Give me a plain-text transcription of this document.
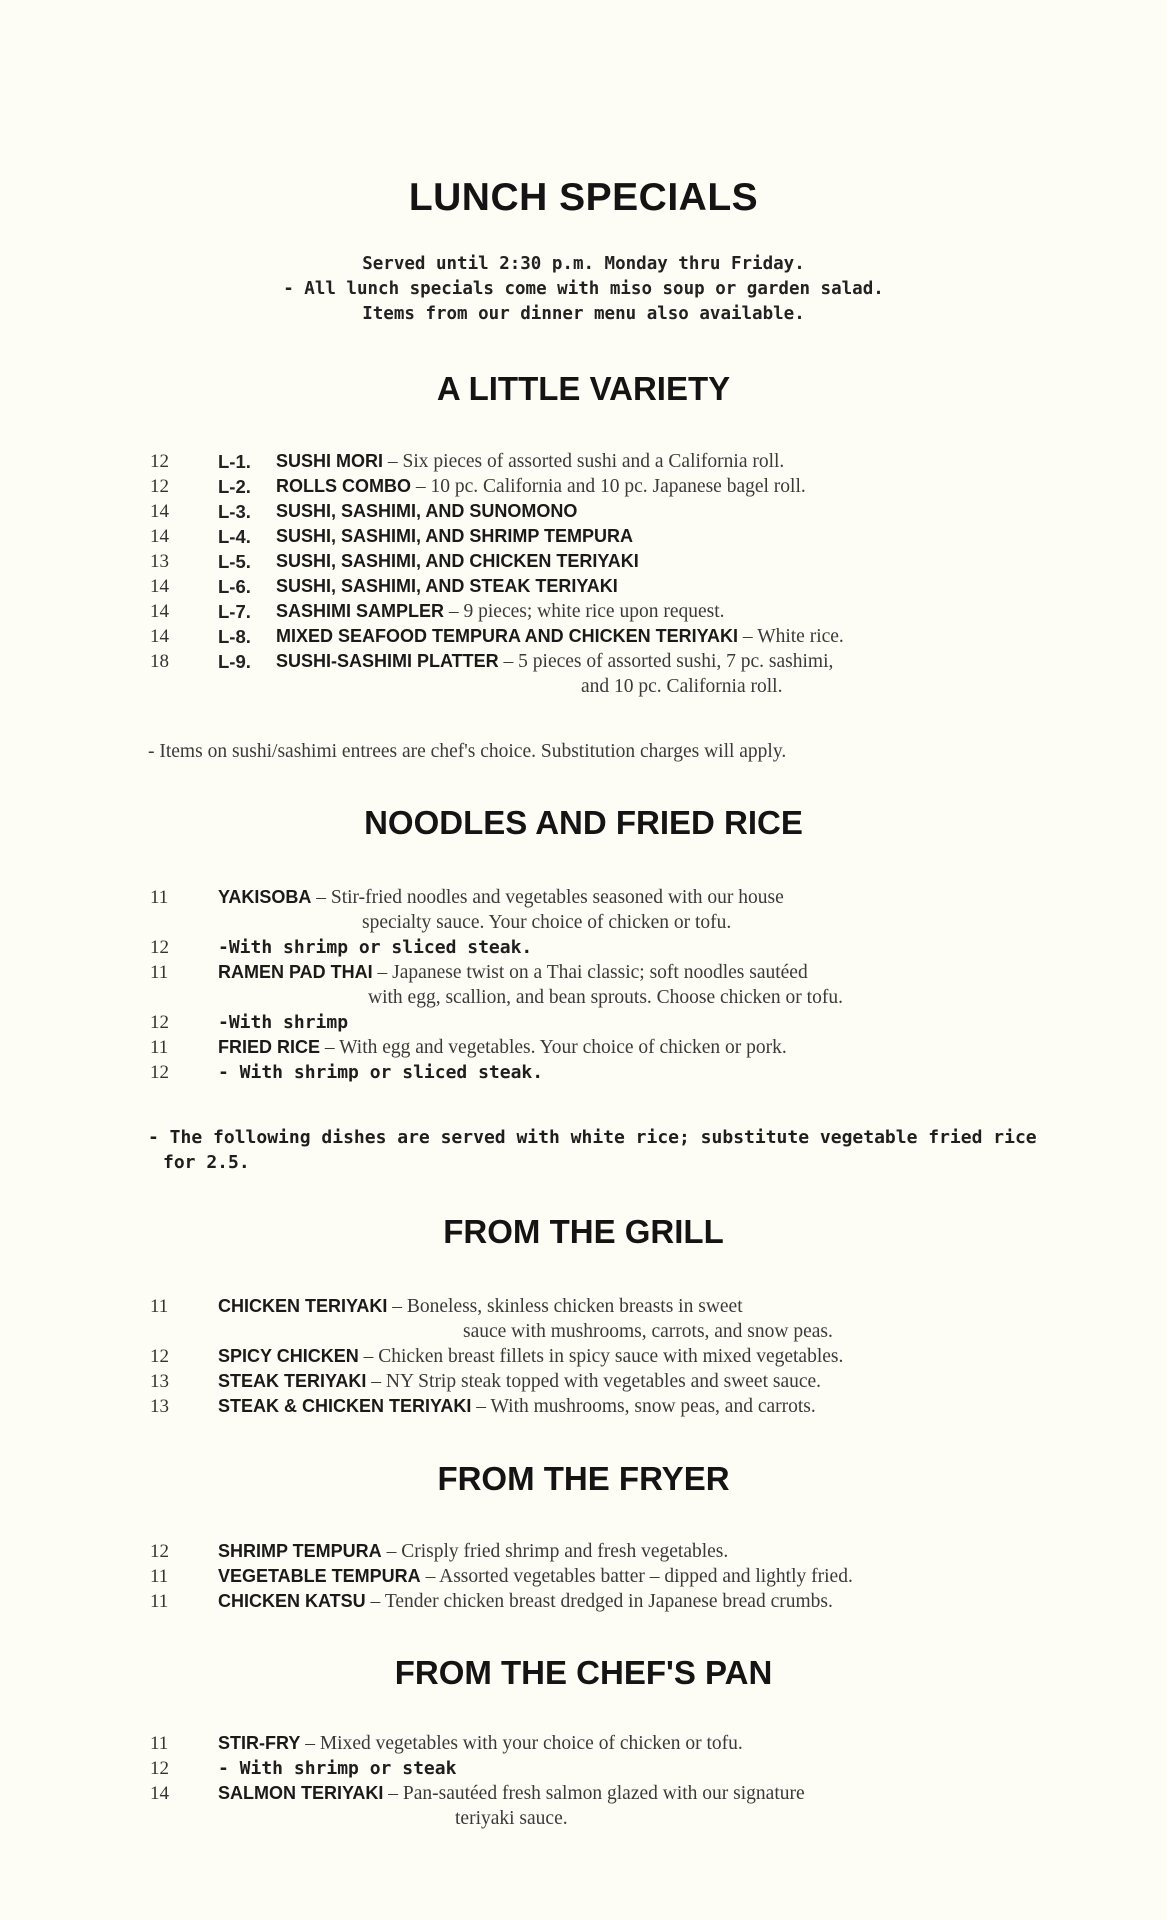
LUNCH SPECIALS
Served until 2:30 p.m. Monday thru Friday.
- All lunch specials come with miso soup or garden salad.
Items from our dinner menu also available.
A LITTLE VARIETY
12	L-1. SUSHI MORI – Six pieces of assorted sushi and a California roll.
12	L-2. ROLLS COMBO – 10 pc. California and 10 pc. Japanese bagel roll.
14	L-3. SUSHI, SASHIMI, AND SUNOMONO
14	L-4. SUSHI, SASHIMI, AND SHRIMP TEMPURA
13	L-5. SUSHI, SASHIMI, AND CHICKEN TERIYAKI
14	L-6. SUSHI, SASHIMI, AND STEAK TERIYAKI
14	L-7. SASHIMI SAMPLER – 9 pieces; white rice upon request.
14	L-8. MIXED SEAFOOD TEMPURA AND CHICKEN TERIYAKI – White rice.
18	L-9. SUSHI-SASHIMI PLATTER – 5 pieces of assorted sushi, 7 pc. sashimi,
and 10 pc. California roll.
- Items on sushi/sashimi entrees are chef's choice. Substitution charges will apply.
NOODLES AND FRIED RICE
11	YAKISOBA – Stir-fried noodles and vegetables seasoned with our house
specialty sauce. Your choice of chicken or tofu.
12	-With shrimp or sliced steak.
11	RAMEN PAD THAI – Japanese twist on a Thai classic; soft noodles sautéed
with egg, scallion, and bean sprouts. Choose chicken or tofu.
12	-With shrimp
11	FRIED RICE – With egg and vegetables. Your choice of chicken or pork.
12	- With shrimp or sliced steak.
- The following dishes are served with white rice; substitute vegetable fried rice
for 2.5.
FROM THE GRILL
11	CHICKEN TERIYAKI – Boneless, skinless chicken breasts in sweet
sauce with mushrooms, carrots, and snow peas.
12	SPICY CHICKEN – Chicken breast fillets in spicy sauce with mixed vegetables.
13	STEAK TERIYAKI – NY Strip steak topped with vegetables and sweet sauce.
13	STEAK & CHICKEN TERIYAKI – With mushrooms, snow peas, and carrots.
FROM THE FRYER
12	SHRIMP TEMPURA – Crisply fried shrimp and fresh vegetables.
11	VEGETABLE TEMPURA – Assorted vegetables batter – dipped and lightly fried.
11	CHICKEN KATSU – Tender chicken breast dredged in Japanese bread crumbs.
FROM THE CHEF'S PAN
11	STIR-FRY – Mixed vegetables with your choice of chicken or tofu.
12	- With shrimp or steak
14	SALMON TERIYAKI – Pan-sautéed fresh salmon glazed with our signature
teriyaki sauce.
